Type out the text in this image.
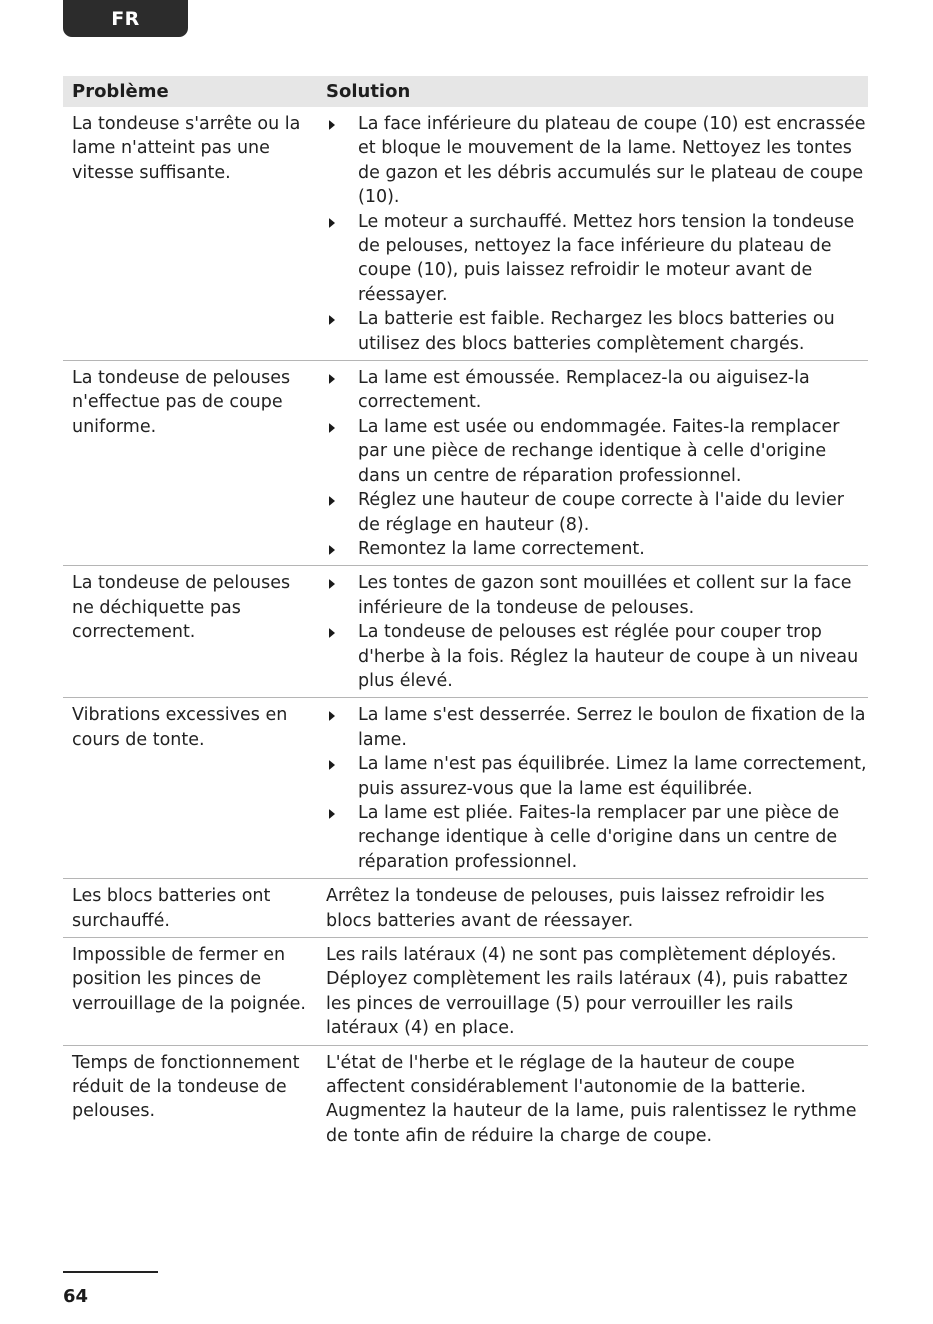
FR
Problème	Solution
La tondeuse s'arrête ou la lame n'atteint pas une vitesse suffisante.
La face inférieure du plateau de coupe (10) est encrassée et bloque le mouvement de la lame. Nettoyez les tontes de gazon et les débris accumulés sur le plateau de coupe (10).
Le moteur a surchauffé. Mettez hors tension la tondeuse de pelouses, nettoyez la face inférieure du plateau de coupe (10), puis laissez refroidir le moteur avant de réessayer.
La batterie est faible. Rechargez les blocs batteries ou utilisez des blocs batteries complètement chargés.
La tondeuse de pelouses n'effectue pas de coupe uniforme.
La lame est émoussée. Remplacez-la ou aiguisez-la correctement.
La lame est usée ou endommagée. Faites-la remplacer par une pièce de rechange identique à celle d'origine dans un centre de réparation professionnel.
Réglez une hauteur de coupe correcte à l'aide du levier de réglage en hauteur (8).
Remontez la lame correctement.
La tondeuse de pelouses ne déchiquette pas correctement.
Les tontes de gazon sont mouillées et collent sur la face inférieure de la tondeuse de pelouses.
La tondeuse de pelouses est réglée pour couper trop d'herbe à la fois. Réglez la hauteur de coupe à un niveau plus élevé.
Vibrations excessives en cours de tonte.
La lame s'est desserrée. Serrez le boulon de fixation de la lame.
La lame n'est pas équilibrée. Limez la lame correctement, puis assurez-vous que la lame est équilibrée.
La lame est pliée. Faites-la remplacer par une pièce de rechange identique à celle d'origine dans un centre de réparation professionnel.
Les blocs batteries ont surchauffé.
Arrêtez la tondeuse de pelouses, puis laissez refroidir les blocs batteries avant de réessayer.
Impossible de fermer en position les pinces de verrouillage de la poignée.
Les rails latéraux (4) ne sont pas complètement déployés. Déployez complètement les rails latéraux (4), puis rabattez les pinces de verrouillage (5) pour verrouiller les rails latéraux (4) en place.
Temps de fonctionnement réduit de la tondeuse de pelouses.
L'état de l'herbe et le réglage de la hauteur de coupe affectent considérablement l'autonomie de la batterie. Augmentez la hauteur de la lame, puis ralentissez le rythme de tonte afin de réduire la charge de coupe.
64
